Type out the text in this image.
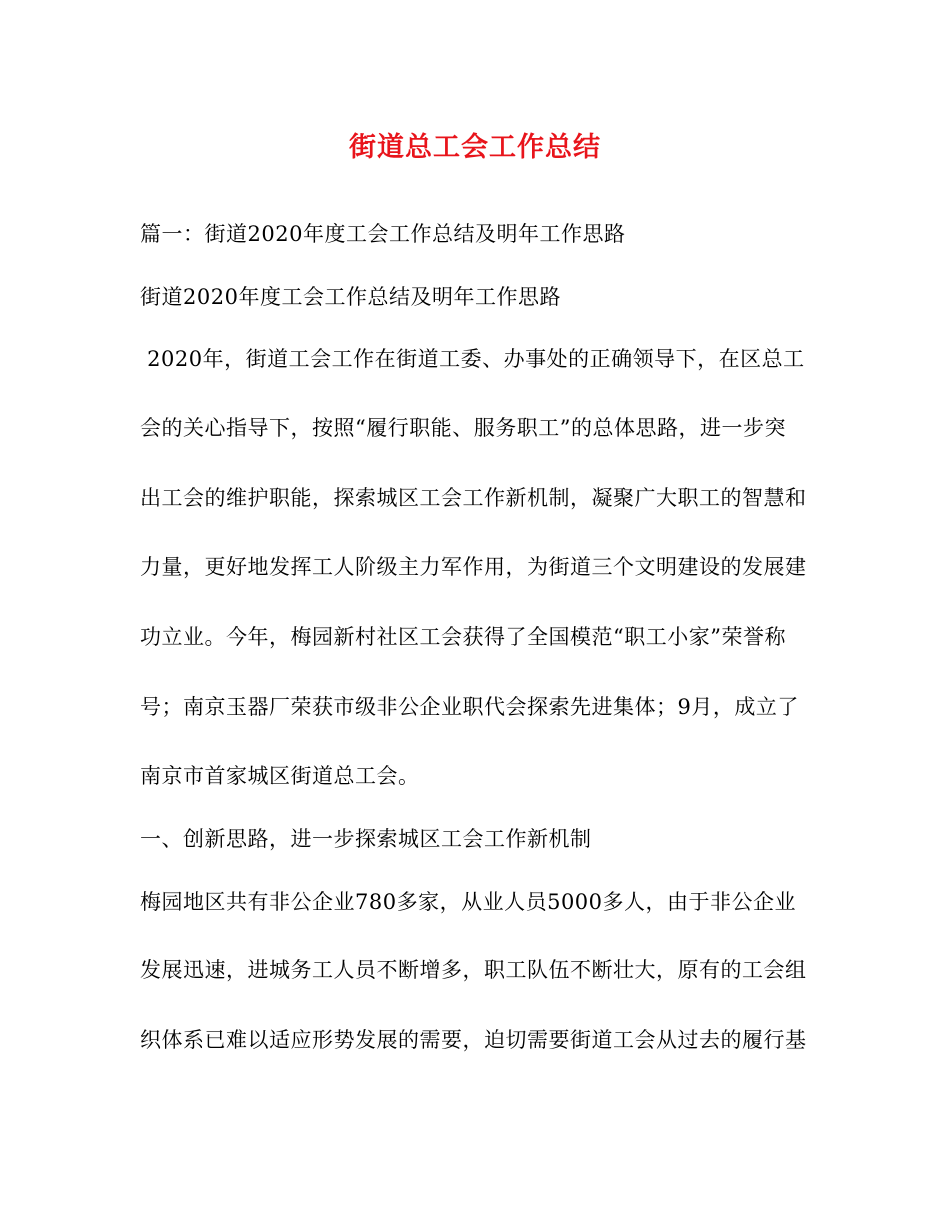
街道总工会工作总结
篇一：街道2020年度工会工作总结及明年工作思路
街道2020年度工会工作总结及明年工作思路
2020年，街道工会工作在街道工委、办事处的正确领导下，在区总工
会的关心指导下，按照“履行职能、服务职工”的总体思路，进一步突
出工会的维护职能，探索城区工会工作新机制，凝聚广大职工的智慧和
力量，更好地发挥工人阶级主力军作用，为街道三个文明建设的发展建
功立业。今年，梅园新村社区工会获得了全国模范“职工小家”荣誉称
号；南京玉器厂荣获市级非公企业职代会探索先进集体；9月，成立了
南京市首家城区街道总工会。
一、创新思路，进一步探索城区工会工作新机制
梅园地区共有非公企业780多家，从业人员5000多人，由于非公企业
发展迅速，进城务工人员不断增多，职工队伍不断壮大，原有的工会组
织体系已难以适应形势发展的需要，迫切需要街道工会从过去的履行基
